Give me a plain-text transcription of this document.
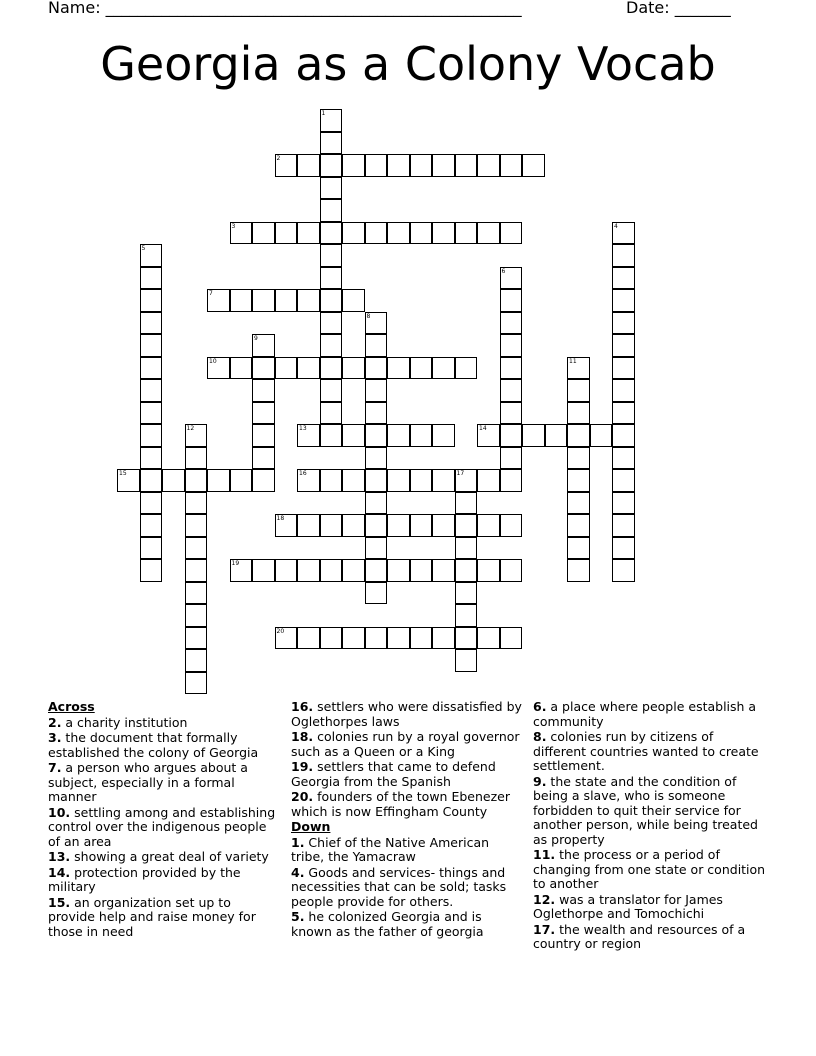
Name: ____________________________________________________	Date: _______
Georgia as a Colony Vocab
1
2
3	4
5
6
7
8
9
10	11
12	13	14
15	16	17
18
19
20
Across
2. a charity institution
3. the document that formally established the colony of Georgia
7. a person who argues about a subject, especially in a formal manner
10. settling among and establishing control over the indigenous people of an area
13. showing a great deal of variety
14. protection provided by the military
15. an organization set up to provide help and raise money for those in need
16. settlers who were dissatisfied by Oglethorpes laws
18. colonies run by a royal governor such as a Queen or a King
19. settlers that came to defend Georgia from the Spanish
20. founders of the town Ebenezer which is now Effingham County
Down
1. Chief of the Native American tribe, the Yamacraw
4. Goods and services- things and necessities that can be sold; tasks people provide for others.
5. he colonized Georgia and is known as the father of georgia
6. a place where people establish a community
8. colonies run by citizens of different countries wanted to create settlement.
9. the state and the condition of being a slave, who is someone forbidden to quit their service for another person, while being treated as property
11. the process or a period of changing from one state or condition to another
12. was a translator for James Oglethorpe and Tomochichi
17. the wealth and resources of a country or region
